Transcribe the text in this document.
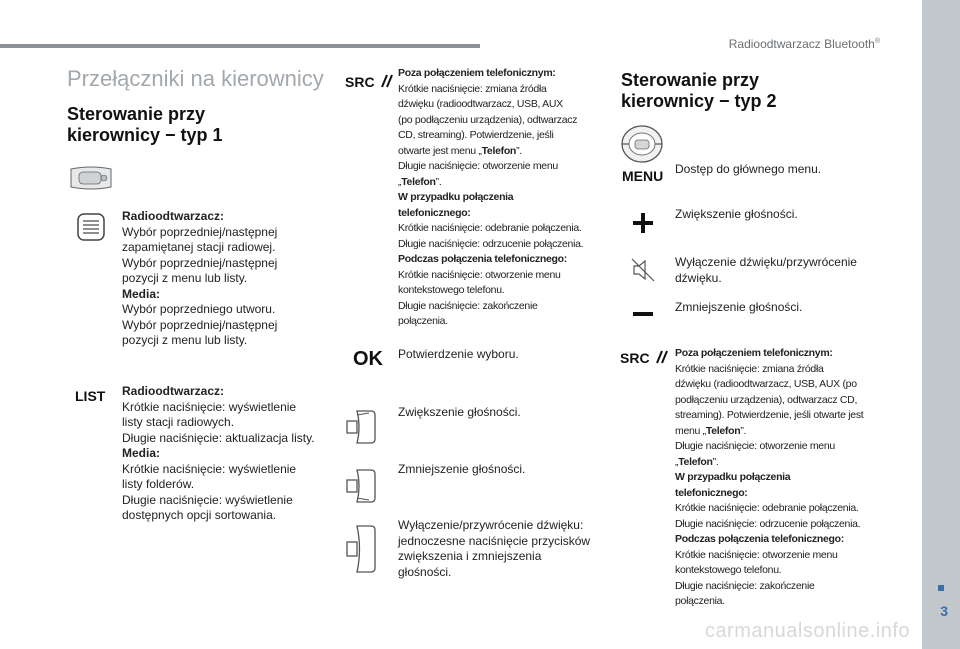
Radioodtwarzacz Bluetooth®
3
carmanualsonline.info
Przełączniki na kierownicy
Sterowanie przy
kierownicy − typ 1
Radioodtwarzacz:
Wybór poprzedniej/następnej
zapamiętanej stacji radiowej.
Wybór poprzedniej/następnej
pozycji z menu lub listy.
Media:
Wybór poprzedniego utworu.
Wybór poprzedniej/następnej
pozycji z menu lub listy.
LIST Radioodtwarzacz:
Krótkie naciśnięcie: wyświetlenie
listy stacji radiowych.
Długie naciśnięcie: aktualizacja listy.
Media:
Krótkie naciśnięcie: wyświetlenie
listy folderów.
Długie naciśnięcie: wyświetlenie
dostępnych opcji sortowania.
SRC
Poza połączeniem telefonicznym:
Krótkie naciśnięcie: zmiana źródła
dźwięku (radioodtwarzacz, USB, AUX
(po podłączeniu urządzenia), odtwarzacz
CD, streaming). Potwierdzenie, jeśli
otwarte jest menu „Telefon”.
Długie naciśnięcie: otworzenie menu
„Telefon”.
W przypadku połączenia
telefonicznego:
Krótkie naciśnięcie: odebranie połączenia.
Długie naciśnięcie: odrzucenie połączenia.
Podczas połączenia telefonicznego:
Krótkie naciśnięcie: otworzenie menu
kontekstowego telefonu.
Długie naciśnięcie: zakończenie
połączenia.
OK Potwierdzenie wyboru.
Zwiększenie głośności.
Zmniejszenie głośności.
Wyłączenie/przywrócenie dźwięku:
jednoczesne naciśnięcie przycisków
zwiększenia i zmniejszenia
głośności.
Sterowanie przy
kierownicy − typ 2
MENU Dostęp do głównego menu.
Zwiększenie głośności.
Wyłączenie dźwięku/przywrócenie
dźwięku.
Zmniejszenie głośności.
SRC	Poza połączeniem telefonicznym:
Krótkie naciśnięcie: zmiana źródła
dźwięku (radioodtwarzacz, USB, AUX (po
podłączeniu urządzenia), odtwarzacz CD,
streaming). Potwierdzenie, jeśli otwarte jest
menu „Telefon”.
Długie naciśnięcie: otworzenie menu
„Telefon”.
W przypadku połączenia
telefonicznego:
Krótkie naciśnięcie: odebranie połączenia.
Długie naciśnięcie: odrzucenie połączenia.
Podczas połączenia telefonicznego:
Krótkie naciśnięcie: otworzenie menu
kontekstowego telefonu.
Długie naciśnięcie: zakończenie
połączenia.
